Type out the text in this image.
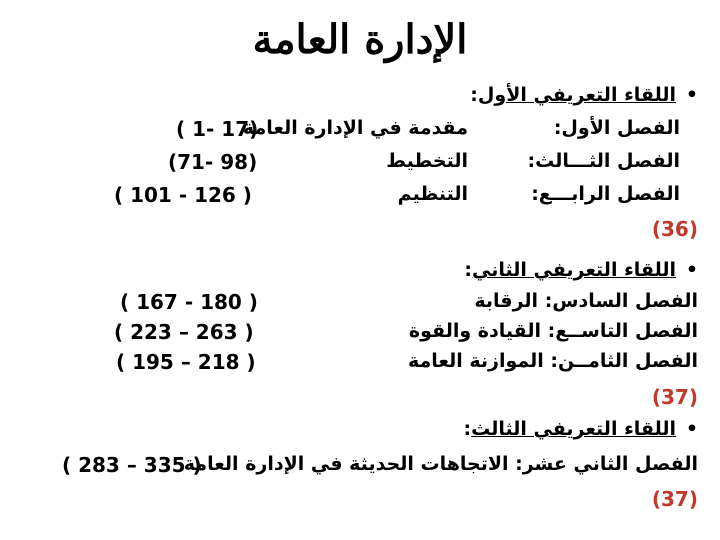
الإدارة العامة
•
اللقاء التعريفي الأول:
الفصل الأول:
مقدمة في الإدارة العامة
( 1- 17)
الفصل الثـــالث:
التخطيط
(71- 98)
الفصل الرابـــع:
التنظيم
( 101 - 126 )
(36)
•
اللقاء التعريفي الثاني:
الفصل السادس: الرقابة
( 167 - 180 )
الفصل التاســع: القيادة والقوة
( 223 – 263 )
الفصل الثامــن: الموازنة العامة
( 195 – 218 )
(37)
•
اللقاء التعريفي الثالث:
الفصل الثاني عشر: الاتجاهات الحديثة في الإدارة العامة
( 283 – 335 )
(37)
